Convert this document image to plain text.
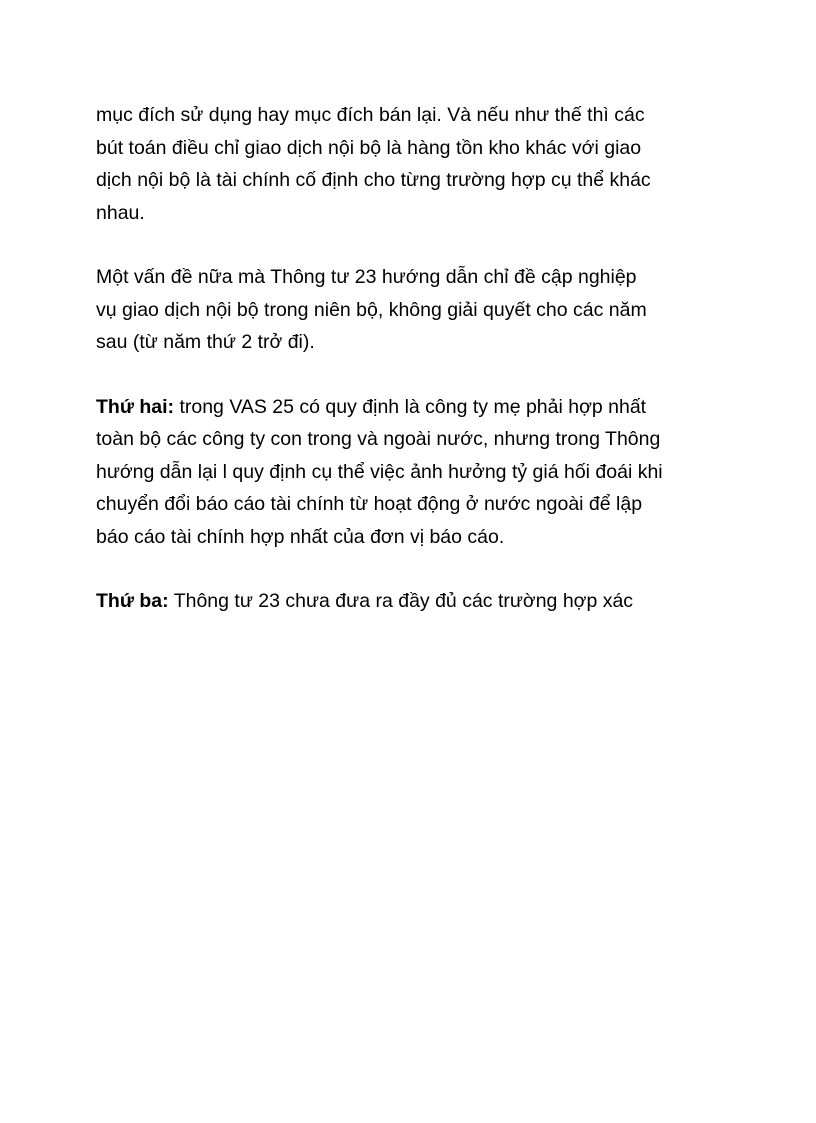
mục đích sử dụng hay mục đích bán lại. Và nếu như thế thì các
bút toán điều chỉ giao dịch nội bộ là hàng tồn kho khác với giao
dịch nội bộ là tài chính cố định cho từng trường hợp cụ thể khác
nhau.
Một vấn đề nữa mà Thông tư 23 hướng dẫn chỉ đề cập nghiệp
vụ giao dịch nội bộ trong niên bộ, không giải quyết cho các năm
sau (từ năm thứ 2 trở đi).
Thứ hai: trong VAS 25 có quy định là công ty mẹ phải hợp nhất
toàn bộ các công ty con trong và ngoài nước, nhưng trong Thông
hướng dẫn lại l quy định cụ thể việc ảnh hưởng tỷ giá hối đoái khi
chuyển đổi báo cáo tài chính từ hoạt động ở nước ngoài để lập
báo cáo tài chính hợp nhất của đơn vị báo cáo.
Thứ ba: Thông tư 23 chưa đưa ra đầy đủ các trường hợp xác
